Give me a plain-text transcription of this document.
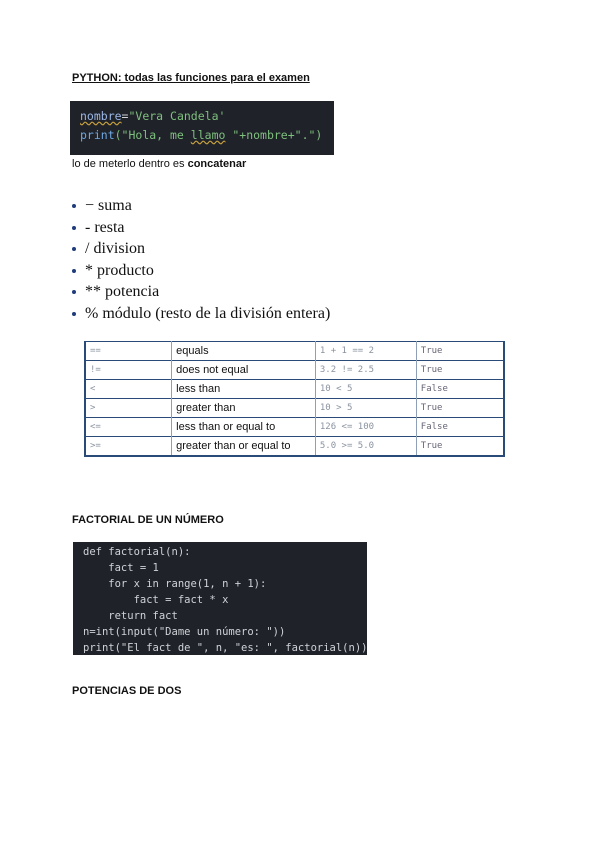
PYTHON: todas las funciones para el examen
nombre="Vera Candela'
print("Hola, me llamo "+nombre+".")
lo de meterlo dentro es concatenar
− suma
- resta
/ division
* producto
** potencia
% módulo (resto de la división entera)
==	equals	1 + 1 == 2	True
!=	does not equal	3.2 != 2.5	True
<	less than	10 < 5	False
>	greater than	10 > 5	True
<=	less than or equal to	126 <= 100	False
>=	greater than or equal to	5.0 >= 5.0	True
FACTORIAL DE UN NÚMERO
def factorial(n):
fact = 1
for x in range(1, n + 1):
fact = fact * x
return fact
n=int(input("Dame un número: "))
print("El fact de ", n, "es: ", factorial(n))
POTENCIAS DE DOS
